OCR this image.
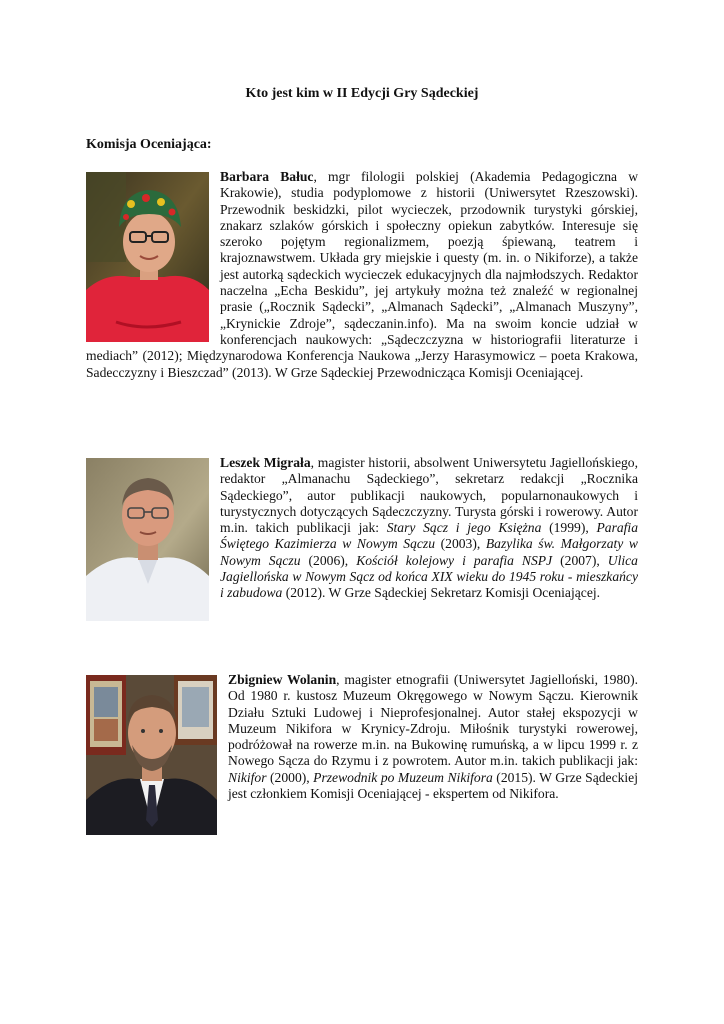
Kto jest kim w II Edycji Gry Sądeckiej
Komisja Oceniająca:

Barbara Bałuc, mgr filologii polskiej (Akademia Pedagogiczna w Krakowie), studia podyplomowe z historii (Uniwersytet Rzeszowski). Przewodnik beskidzki, pilot wycieczek, przodownik turystyki górskiej, znakarz szlaków górskich i społeczny opiekun zabytków. Interesuje się szeroko pojętym regionalizmem, poezją śpiewaną, teatrem i krajoznawstwem. Układa gry miejskie i questy (m. in. o Nikiforze), a także jest autorką sądeckich wycieczek edukacyjnych dla najmłodszych. Redaktor naczelna „Echa Beskidu”, jej artykuły można też znaleźć w regionalnej prasie („Rocznik Sądecki”, „Almanach Sądecki”, „Almanach Muszyny”, „Krynickie Zdroje”, sądeczanin.info). Ma na swoim koncie udział w konferencjach naukowych: „Sądeczczyzna w historiografii literaturze i mediach” (2012); Międzynarodowa Konferencja Naukowa „Jerzy Harasymowicz – poeta Krakowa, Sadecczyzny i Bieszczad” (2013). W Grze Sądeckiej Przewodnicząca Komisji Oceniającej.

Leszek Migrała, magister historii, absolwent Uniwersytetu Jagiellońskiego, redaktor „Almanachu Sądeckiego”, sekretarz redakcji „Rocznika Sądeckiego”, autor publikacji naukowych, popularnonaukowych i turystycznych dotyczących Sądeczczyzny. Turysta górski i rowerowy. Autor m.in. takich publikacji jak: Stary Sącz i jego Księżna (1999), Parafia Świętego Kazimierza w Nowym Sączu (2003), Bazylika św. Małgorzaty w Nowym Sączu (2006), Kościół kolejowy i parafia NSPJ (2007), Ulica Jagiellońska w Nowym Sącz od końca XIX wieku do 1945 roku - mieszkańcy i zabudowa (2012). W Grze Sądeckiej Sekretarz Komisji Oceniającej.

Zbigniew Wolanin, magister etnografii (Uniwersytet Jagielloński, 1980). Od 1980 r. kustosz Muzeum Okręgowego w Nowym Sączu. Kierownik Działu Sztuki Ludowej i Nieprofesjonalnej. Autor stałej ekspozycji w Muzeum Nikifora w Krynicy-Zdroju. Miłośnik turystyki rowerowej, podróżował na rowerze m.in. na Bukowinę rumuńską, a w lipcu 1999 r. z Nowego Sącza do Rzymu i z powrotem. Autor m.in. takich publikacji jak: Nikifor (2000), Przewodnik po Muzeum Nikifora (2015). W Grze Sądeckiej jest członkiem Komisji Oceniającej - ekspertem od Nikifora.
